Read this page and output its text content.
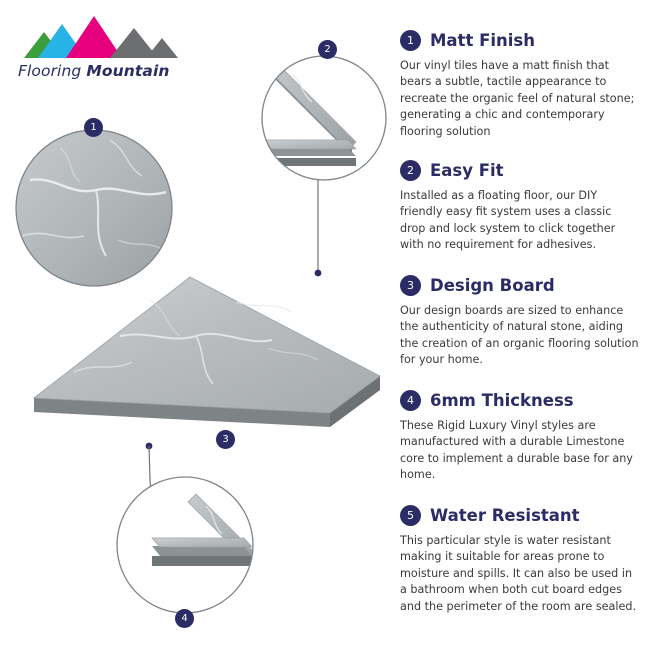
Flooring Mountain
1
2
3
4
1 Matt Finish
Our vinyl tiles have a matt finish that bears a subtle, tactile appearance to recreate the organic feel of natural stone; generating a chic and contemporary flooring solution
2 Easy Fit
Installed as a floating floor, our DIY friendly easy fit system uses a classic drop and lock system to click together with no requirement for adhesives.
3 Design Board
Our design boards are sized to enhance the authenticity of natural stone, aiding the creation of an organic flooring solution for your home.
4 6mm Thickness
These Rigid Luxury Vinyl styles are manufactured with a durable Limestone core to implement a durable base for any home.
5 Water Resistant
This particular style is water resistant making it suitable for areas prone to moisture and spills. It can also be used in a bathroom when both cut board edges and the perimeter of the room are sealed.
